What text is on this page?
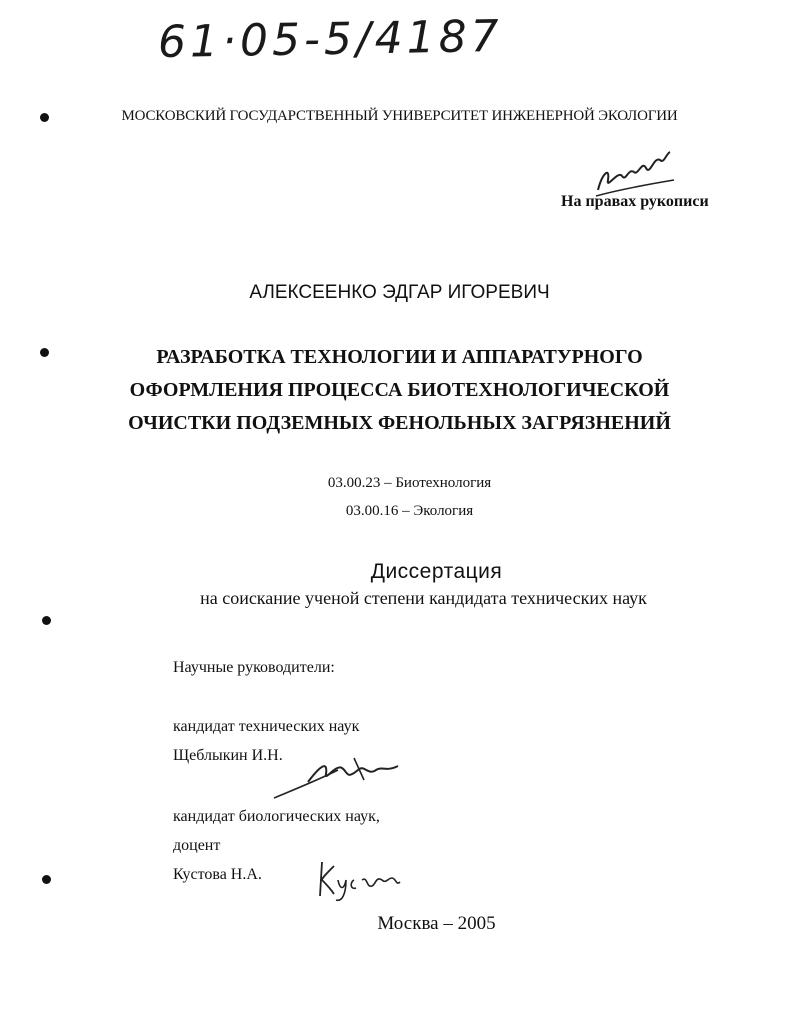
61·05-5/4187
МОСКОВСКИЙ ГОСУДАРСТВЕННЫЙ УНИВЕРСИТЕТ ИНЖЕНЕРНОЙ ЭКОЛОГИИ
На правах рукописи
АЛЕКСЕЕНКО ЭДГАР ИГОРЕВИЧ
РАЗРАБОТКА ТЕХНОЛОГИИ И АППАРАТУРНОГО
ОФОРМЛЕНИЯ ПРОЦЕССА БИОТЕХНОЛОГИЧЕСКОЙ
ОЧИСТКИ ПОДЗЕМНЫХ ФЕНОЛЬНЫХ ЗАГРЯЗНЕНИЙ
03.00.23 – Биотехнология
03.00.16 – Экология
Диссертация
на соискание ученой степени кандидата технических наук
Научные руководители:
кандидат технических наук
Щеблыкин И.Н.
кандидат биологических наук,
доцент
Кустова Н.А.
Москва – 2005
